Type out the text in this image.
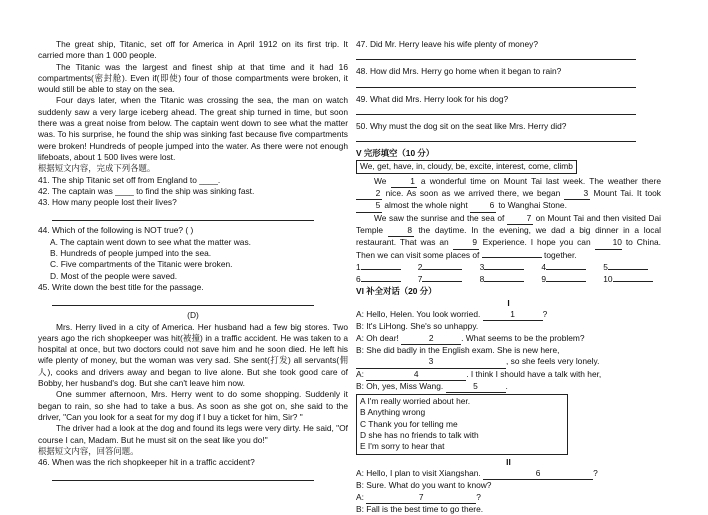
The great ship, Titanic, set off for America in April 1912 on its first trip. It carried more than 1 000 people.

The Titanic was the largest and finest ship at that time and it had 16 compartments(密封舱). Even if(即使) four of those compartments were broken, it would still be able to stay on the sea.

Four days later, when the Titanic was crossing the sea, the man on watch suddenly saw a very large iceberg ahead. The great ship turned in time, but soon there was a great noise from below. The captain went down to see what the matter was. To his surprise, he found the ship was sinking fast because five compartments were broken! Hundreds of people jumped into the water. As there were not enough lifeboats, about 1 500 lives were lost.

根据短文内容，完成下列各题。

41. The ship Titanic set off from England to ____.

42. The captain was ____ to find the ship was sinking fast.

43. How many people lost their lives?

44. Which of the following is NOT true? ( )

A. The captain went down to see what the matter was.

B. Hundreds of people jumped into the sea.

C. Five compartments of the Titanic were broken.

D. Most of the people were saved.

45. Write down the best title for the passage.

(D)

Mrs. Herry lived in a city of America. Her husband had a few big stores. Two years ago the rich shopkeeper was hit(被撞) in a traffic accident. He was taken to a hospital at once, but two doctors could not save him and he soon died. He left his wife plenty of money, but the woman was very sad. She sent(打发) all servants(佣人), cooks and drivers away and began to live alone. But she took good care of Bobby, her husband's dog. But she can't leave him now.

One summer afternoon, Mrs. Herry went to do some shopping. Suddenly it began to rain, so she had to take a bus. As soon as she got on, she said to the driver, "Can you look for a seat for my dog if I buy a ticket for him, Sir? "

The driver had a look at the dog and found its legs were very dirty. He said, "Of course I can, Madam. But he must sit on the seat like you do!"

根据短文内容，回答问题。

46. When was the rich shopkeeper hit in a traffic accident?

47. Did Mr. Herry leave his wife plenty of money?

48. How did Mrs. Herry go home when it began to rain?

49. What did Mrs. Herry look for his dog?

50. Why must the dog sit on the seat like Mrs. Herry did?

V 完形填空（10 分）

We, get, have, in, cloudy, be, excite, interest, come, climb

We 1 a wonderful time on Mount Tai last week. The weather there 2 nice. As soon as we arrived there, we began 3 Mount Tai. It took 5 almost the whole night 6 to Wanghai Stone.

We saw the sunrise and the sea of 7 on Mount Tai and then visited Dai Temple 8 the daytime. In the evening, we dad a big dinner in a local restaurant. That was an 9 Experience. I hope you can 10 to China. Then we can visit some places of	together.

1	2	3	4	5
6	7	8	9	10

VI 补全对话（20 分）

I

A: Hello, Helen. You look worried.	1	?

B: It's LiHong. She's so unhappy.

A: Oh dear!	2	. What seems to be the problem?

B: She did badly in the English exam. She is new here,

3	, so she feels very lonely.

A:	4	. I think I should have a talk with her,

B: Oh, yes, Miss Wang.	5	.

A I'm really worried about her.
B Anything wrong
C Thank you for telling me
D she has no friends to talk with
E I'm sorry to hear that

II

A: Hello, I plan to visit Xiangshan.	6	?

B: Sure. What do you want to know?

A:	7	?

B: Fall is the best time to go there.
